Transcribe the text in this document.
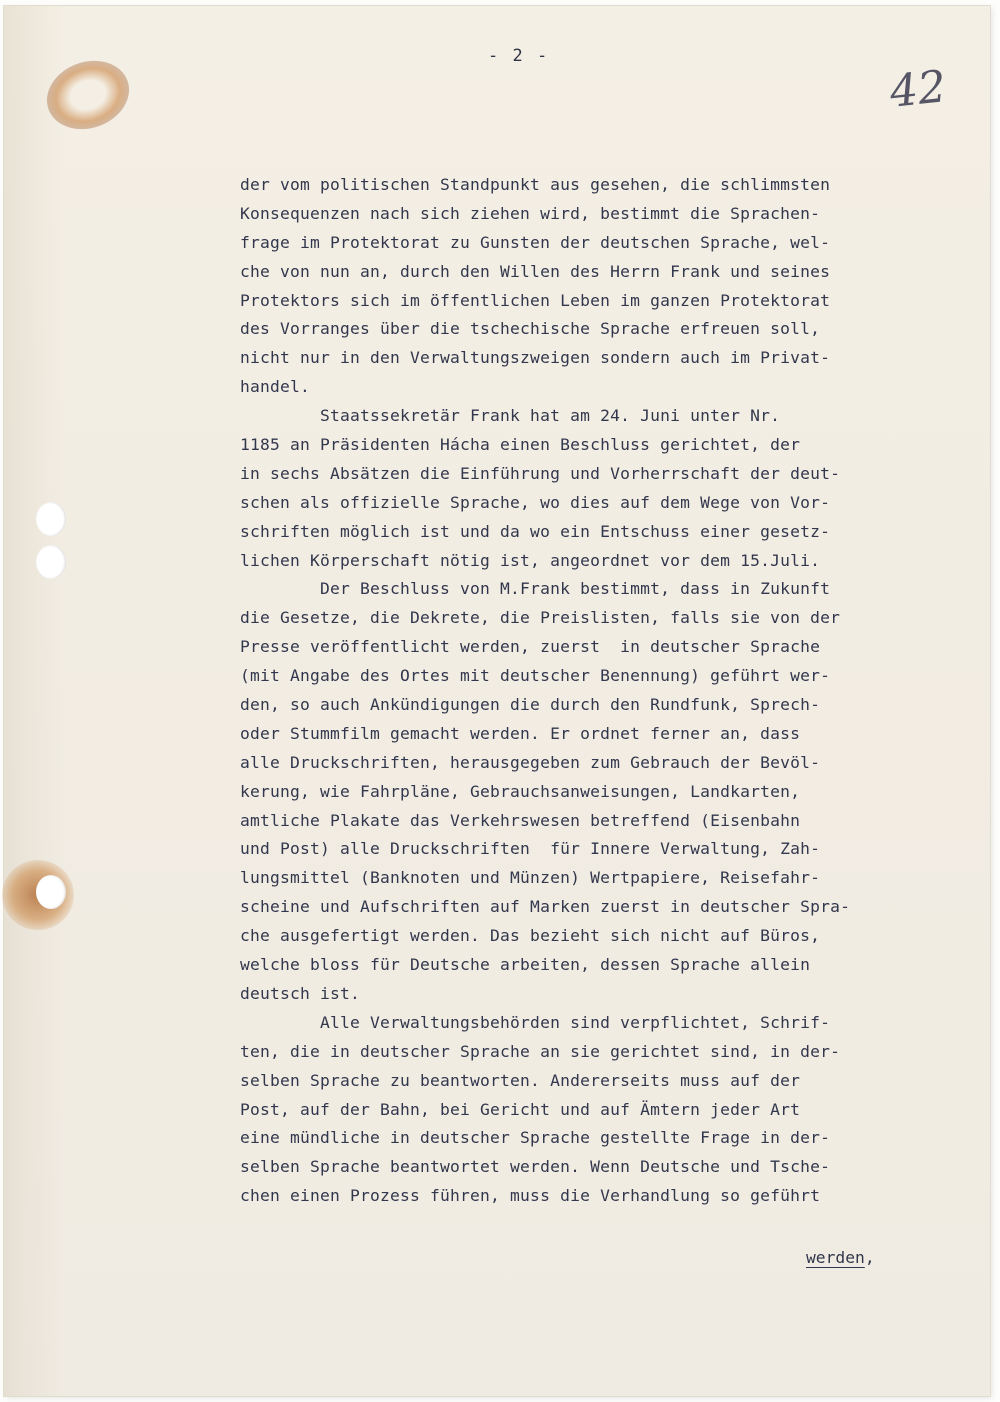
- 2 -
42
der vom politischen Standpunkt aus gesehen, die schlimmsten
Konsequenzen nach sich ziehen wird, bestimmt die Sprachen-
frage im Protektorat zu Gunsten der deutschen Sprache, wel-
che von nun an, durch den Willen des Herrn Frank und seines
Protektors sich im öffentlichen Leben im ganzen Protektorat
des Vorranges über die tschechische Sprache erfreuen soll,
nicht nur in den Verwaltungszweigen sondern auch im Privat-
handel.
Staatssekretär Frank hat am 24. Juni unter Nr.
1185 an Präsidenten Hácha einen Beschluss gerichtet, der
in sechs Absätzen die Einführung und Vorherrschaft der deut-
schen als offizielle Sprache, wo dies auf dem Wege von Vor-
schriften möglich ist und da wo ein Entschuss einer gesetz-
lichen Körperschaft nötig ist, angeordnet vor dem 15.Juli.
Der Beschluss von M.Frank bestimmt, dass in Zukunft
die Gesetze, die Dekrete, die Preislisten, falls sie von der
Presse veröffentlicht werden, zuerst  in deutscher Sprache
(mit Angabe des Ortes mit deutscher Benennung) geführt wer-
den, so auch Ankündigungen die durch den Rundfunk, Sprech-
oder Stummfilm gemacht werden. Er ordnet ferner an, dass
alle Druckschriften, herausgegeben zum Gebrauch der Bevöl-
kerung, wie Fahrpläne, Gebrauchsanweisungen, Landkarten,
amtliche Plakate das Verkehrswesen betreffend (Eisenbahn
und Post) alle Druckschriften  für Innere Verwaltung, Zah-
lungsmittel (Banknoten und Münzen) Wertpapiere, Reisefahr-
scheine und Aufschriften auf Marken zuerst in deutscher Spra-
che ausgefertigt werden. Das bezieht sich nicht auf Büros,
welche bloss für Deutsche arbeiten, dessen Sprache allein
deutsch ist.
Alle Verwaltungsbehörden sind verpflichtet, Schrif-
ten, die in deutscher Sprache an sie gerichtet sind, in der-
selben Sprache zu beantworten. Andererseits muss auf der
Post, auf der Bahn, bei Gericht und auf Ämtern jeder Art
eine mündliche in deutscher Sprache gestellte Frage in der-
selben Sprache beantwortet werden. Wenn Deutsche und Tsche-
chen einen Prozess führen, muss die Verhandlung so geführt
werden,
